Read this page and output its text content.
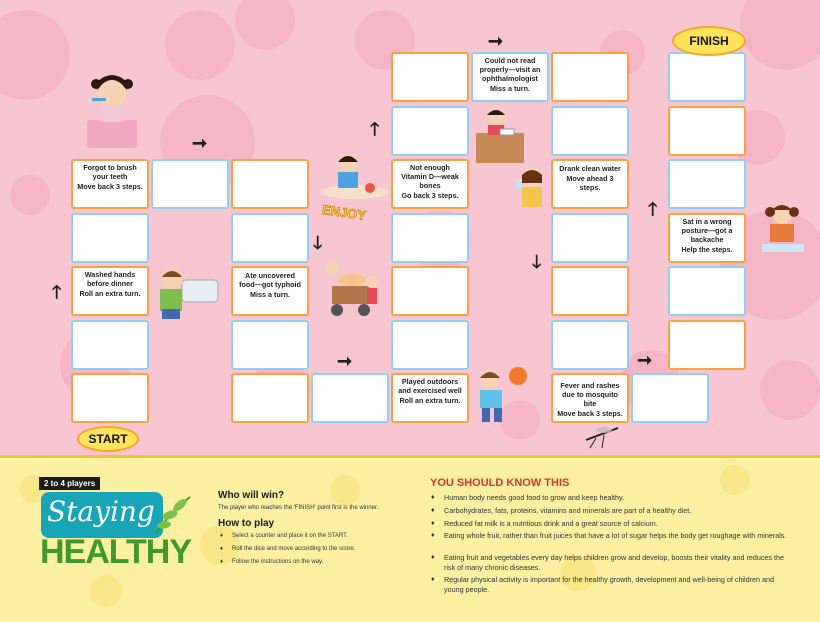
Forgot to brush your teeth
Move back 3 steps.
Washed hands before dinner
Roll an extra turn.
Ate uncovered food—got typhoid
Miss a turn.
Not enough Vitamin D—weak bones
Go back 3 steps.
Played outdoors and exercised well
Roll an extra turn.
Could not read properly—visit an ophthalmologist
Miss a turn.
Drank clean water
Move ahead 3 steps.
Fever and rashes due to mosquito bite
Move back 3 steps.
Sat in a wrong posture—got a backache
Help the steps.
➞
🡑
🡓
➞
🡑
➞
🡓
➞
🡑
START
FINISH
ENJOY
2 to 4 players
Staying
HEALTHY
Who will win?
The player who reaches the 'FINISH' point first is the winner.
How to play
♦ Select a counter and place it on the START.
♦ Roll the dice and move according to the score.
♦ Follow the instructions on the way.
YOU SHOULD KNOW THIS
♦ Human body needs good food to grow and keep healthy.
♦ Carbohydrates, fats, proteins, vitamins and minerals are part of a healthy diet.
♦ Reduced fat milk is a nutritious drink and a great source of calcium.
♦ Eating whole fruit, rather than fruit juices that have a lot of sugar helps the body get roughage with minerals.
♦ Eating fruit and vegetables every day helps children grow and develop, boosts their vitality and reduces the risk of many chronic diseases.
♦ Regular physical activity is important for the healthy growth, development and well-being of children and young people.
